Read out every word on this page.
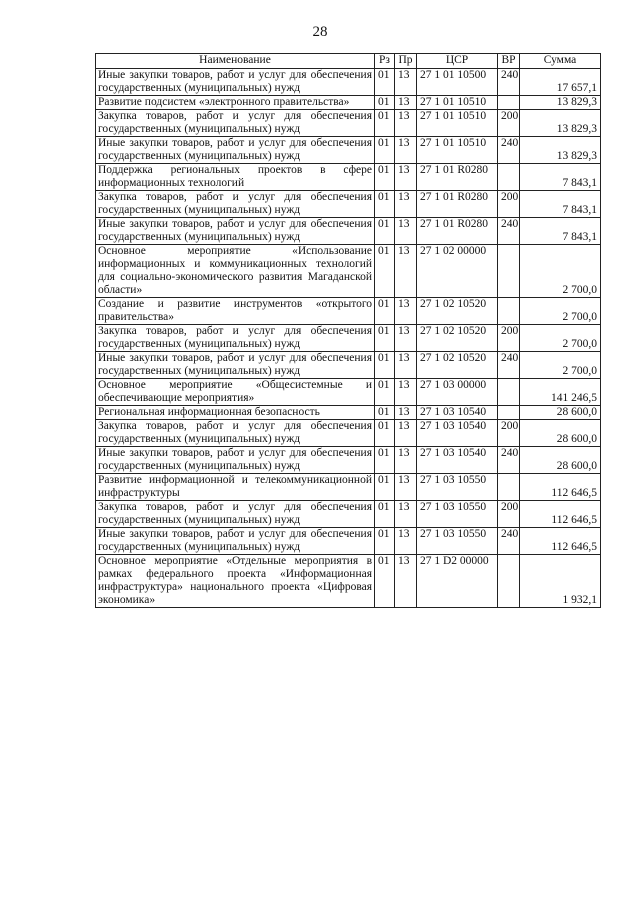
28
Наименование	Рз	Пр	ЦСР	ВР	Сумма
Иные закупки товаров, работ и услуг для обеспечения государственных (муниципальных) нужд	01	13	27 1 01 10500	240	17 657,1
Развитие подсистем «электронного правительства»	01	13	27 1 01 10510		13 829,3
Закупка товаров, работ и услуг для обеспечения государственных (муниципальных) нужд	01	13	27 1 01 10510	200	13 829,3
Иные закупки товаров, работ и услуг для обеспечения государственных (муниципальных) нужд	01	13	27 1 01 10510	240	13 829,3
Поддержка региональных проектов в сфере информационных технологий	01	13	27 1 01 R0280		7 843,1
Закупка товаров, работ и услуг для обеспечения государственных (муниципальных) нужд	01	13	27 1 01 R0280	200	7 843,1
Иные закупки товаров, работ и услуг для обеспечения государственных (муниципальных) нужд	01	13	27 1 01 R0280	240	7 843,1
Основное мероприятие «Использование информационных и коммуникационных технологий для социально-экономического развития Магаданской области»	01	13	27 1 02 00000		2 700,0
Создание и развитие инструментов «открытого правительства»	01	13	27 1 02 10520		2 700,0
Закупка товаров, работ и услуг для обеспечения государственных (муниципальных) нужд	01	13	27 1 02 10520	200	2 700,0
Иные закупки товаров, работ и услуг для обеспечения государственных (муниципальных) нужд	01	13	27 1 02 10520	240	2 700,0
Основное мероприятие «Общесистемные и обеспечивающие мероприятия»	01	13	27 1 03 00000		141 246,5
Региональная информационная безопасность	01	13	27 1 03 10540		28 600,0
Закупка товаров, работ и услуг для обеспечения государственных (муниципальных) нужд	01	13	27 1 03 10540	200	28 600,0
Иные закупки товаров, работ и услуг для обеспечения государственных (муниципальных) нужд	01	13	27 1 03 10540	240	28 600,0
Развитие информационной и телекоммуникационной инфраструктуры	01	13	27 1 03 10550		112 646,5
Закупка товаров, работ и услуг для обеспечения государственных (муниципальных) нужд	01	13	27 1 03 10550	200	112 646,5
Иные закупки товаров, работ и услуг для обеспечения государственных (муниципальных) нужд	01	13	27 1 03 10550	240	112 646,5
Основное мероприятие «Отдельные мероприятия в рамках федерального проекта «Информационная инфраструктура» национального проекта «Цифровая экономика»	01	13	27 1 D2 00000		1 932,1
